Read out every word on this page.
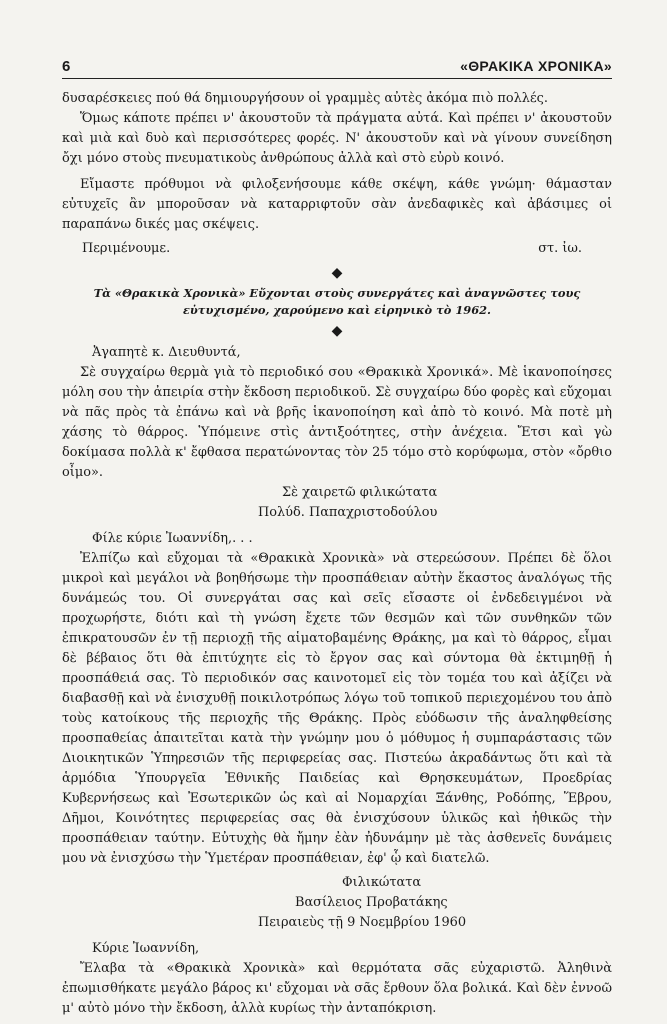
6	«ΘΡΑΚΙΚΑ ΧΡΟΝΙΚΑ»

δυσαρέσκειες πού θά δημιουργήσουν οἱ γραμμὲς αὐτὲς ἀκόμα πιὸ πολλές.

Ὅμως κάποτε πρέπει ν' ἀκουστοῦν τὰ πράγματα αὐτά. Καὶ πρέπει ν' ἀκουστοῦν καὶ μιὰ καὶ δυὸ καὶ περισσότερες φορές. Ν' ἀκουστοῦν καὶ νὰ γίνουν συνείδηση ὄχι μόνο στοὺς πνευματικοὺς ἀνθρώπους ἀλλὰ καὶ στὸ εὐρὺ κοινό.

Εἴμαστε πρόθυμοι νὰ φιλοξενήσουμε κάθε σκέψη, κάθε γνώμη· θάμασταν εὐτυχεῖς ἂν μποροῦσαν νὰ καταρριφτοῦν σὰν ἀνεδαφικὲς καὶ ἀβάσιμες οἱ παραπάνω δικές μας σκέψεις.

Περιμένουμε.	στ. ἰω.
◆
Τὰ «Θρακικὰ Χρονικὰ» Εὔχονται στοὺς συνεργάτες καὶ ἀναγνῶστες τους εὐτυχισμένο, χαρούμενο καὶ εἰρηνικὸ τὸ 1962.
◆
Ἀγαπητὲ κ. Διευθυντά,

Σὲ συγχαίρω θερμὰ γιὰ τὸ περιοδικό σου «Θρακικὰ Χρονικά». Μὲ ἱκανοποίησες μόλη σου τὴν ἀπειρία στὴν ἔκδοση περιοδικοῦ. Σὲ συγχαίρω δύο φορὲς καὶ εὔχομαι νὰ πᾶς πρὸς τὰ ἐπάνω καὶ νὰ βρῆς ἱκανοποίηση καὶ ἀπὸ τὸ κοινό. Μὰ ποτὲ μὴ χάσης τὸ θάρρος. Ὑπόμεινε στὶς ἀντιξοότητες, στὴν ἀνέχεια. Ἔτσι καὶ γὼ δοκίμασα πολλὰ κ' ἔφθασα περατώνοντας τὸν 25 τόμο στὸ κορύφωμα, στὸν «ὄρθιο οἶμο».

Σὲ χαιρετῶ φιλικώτατα
Πολύδ. Παπαχριστοδούλου
Φίλε κύριε Ἰωαννίδη,. . .

Ἐλπίζω καὶ εὔχομαι τὰ «Θρακικὰ Χρονικὰ» νὰ στερεώσουν. Πρέπει δὲ ὅλοι μικροὶ καὶ μεγάλοι νὰ βοηθήσωμε τὴν προσπάθειαν αὐτὴν ἕκαστος ἀναλόγως τῆς δυνάμεώς του. Οἱ συνεργάται σας καὶ σεῖς εἴσαστε οἱ ἐνδεδειγμένοι νὰ προχωρήστε, διότι καὶ τὴ γνώση ἔχετε τῶν θεσμῶν καὶ τῶν συνθηκῶν τῶν ἐπικρατουσῶν ἐν τῇ περιοχῇ τῆς αἱματοβαμένης Θράκης, μα καὶ τὸ θάρρος, εἶμαι δὲ βέβαιος ὅτι θὰ ἐπιτύχητε εἰς τὸ ἔργον σας καὶ σύντομα θὰ ἐκτιμηθῇ ἡ προσπάθειά σας. Τὸ περιοδικόν σας καινοτομεῖ εἰς τὸν τομέα του καὶ ἀξίζει νὰ διαβασθῇ καὶ νὰ ἐνισχυθῇ ποικιλοτρόπως λόγω τοῦ τοπικοῦ περιεχομένου του ἀπὸ τοὺς κατοίκους τῆς περιοχῆς τῆς Θράκης. Πρὸς εὐόδωσιν τῆς ἀναληφθείσης προσπαθείας ἀπαιτεῖται κατὰ τὴν γνώμην μου ὁ μόθυμος ἡ συμπαράστασις τῶν Διοικητικῶν Ὑπηρεσιῶν τῆς περιφερείας σας. Πιστεύω ἀκραδάντως ὅτι καὶ τὰ ἁρμόδια Ὑπουργεῖα Ἐθνικῆς Παιδείας καὶ Θρησκευμάτων, Προεδρίας Κυβερνήσεως καὶ Ἐσωτερικῶν ὡς καὶ αἱ Νομαρχίαι Ξάνθης, Ροδόπης, Ἕβρου, Δῆμοι, Κοινότητες περιφερείας σας θὰ ἐνισχύσουν ὑλικῶς καὶ ἠθικῶς τὴν προσπάθειαν ταύτην. Εὐτυχὴς θὰ ἤμην ἐὰν ἠδυνάμην μὲ τὰς ἀσθενεῖς δυνάμεις μου νὰ ἐνισχύσω τὴν Ὑμετέραν προσπάθειαν, ἐφ' ᾧ καὶ διατελῶ.

Φιλικώτατα
Βασίλειος Προβατάκης
Πειραιεὺς τῇ 9 Νοεμβρίου 1960
Κύριε Ἰωαννίδη,

Ἔλαβα τὰ «Θρακικὰ Χρονικὰ» καὶ θερμότατα σᾶς εὐχαριστῶ. Ἀληθινὰ ἐπωμισθήκατε μεγάλο βάρος κι' εὔχομαι νὰ σᾶς ἔρθουν ὅλα βολικά. Καὶ δὲν ἐννοῶ μ' αὐτὸ μόνο τὴν ἔκδοση, ἀλλὰ κυρίως τὴν ἀνταπόκριση.
